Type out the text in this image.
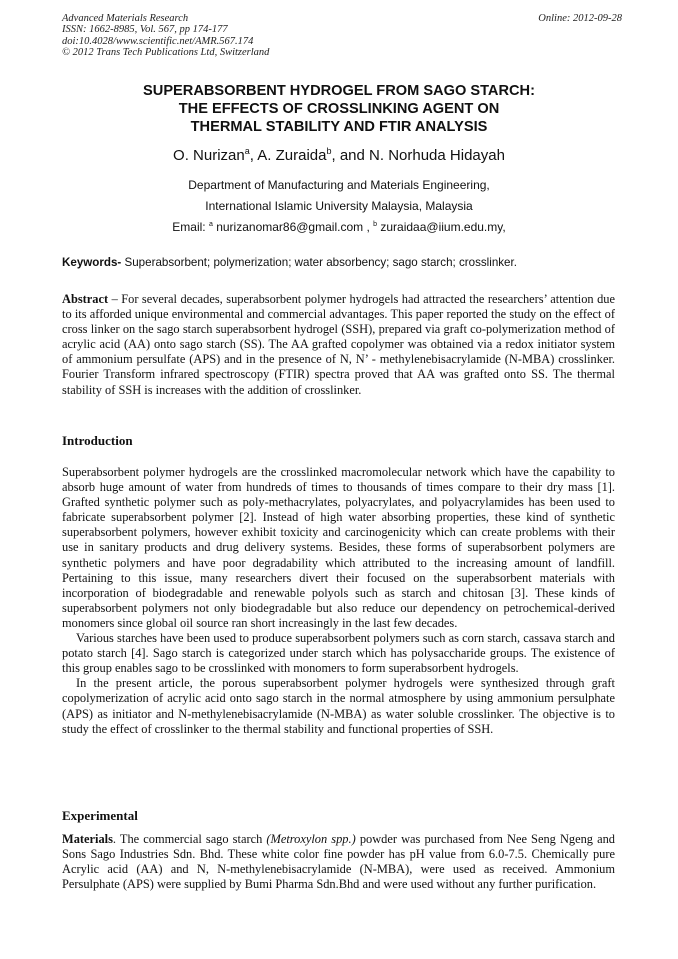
Advanced Materials Research
ISSN: 1662-8985, Vol. 567, pp 174-177
doi:10.4028/www.scientific.net/AMR.567.174
© 2012 Trans Tech Publications Ltd, Switzerland
Online: 2012-09-28
SUPERABSORBENT HYDROGEL FROM SAGO STARCH:
THE EFFECTS OF CROSSLINKING AGENT ON
THERMAL STABILITY AND FTIR ANALYSIS
O. Nurizan$^a$, A. Zuraida$^b$, and N. Norhuda Hidayah
Department of Manufacturing and Materials Engineering,
International Islamic University Malaysia, Malaysia
Email: $^a$ nurizanomar86@gmail.com , $^b$ zuraidaa@iium.edu.my,
Keywords- Superabsorbent; polymerization; water absorbency; sago starch; crosslinker.
Abstract – For several decades, superabsorbent polymer hydrogels had attracted the researchers’ attention due to its afforded unique environmental and commercial advantages. This paper reported the study on the effect of cross linker on the sago starch superabsorbent hydrogel (SSH), prepared via graft co-polymerization method of acrylic acid (AA) onto sago starch (SS). The AA grafted copolymer was obtained via a redox initiator system of ammonium persulfate (APS) and in the presence of N, N’ - methylenebisacrylamide (N-MBA) crosslinker. Fourier Transform infrared spectroscopy (FTIR) spectra proved that AA was grafted onto SS. The thermal stability of SSH is increases with the addition of crosslinker.
Introduction
Superabsorbent polymer hydrogels are the crosslinked macromolecular network which have the capability to absorb huge amount of water from hundreds of times to thousands of times compare to their dry mass [1]. Grafted synthetic polymer such as poly-methacrylates, polyacrylates, and polyacrylamides has been used to fabricate superabsorbent polymer [2]. Instead of high water absorbing properties, these kind of synthetic superabsorbent polymers, however exhibit toxicity and carcinogenicity which can create problems with their use in sanitary products and drug delivery systems. Besides, these forms of superabsorbent polymers are synthetic polymers and have poor degradability which attributed to the increasing amount of landfill. Pertaining to this issue, many researchers divert their focused on the superabsorbent materials with incorporation of biodegradable and renewable polyols such as starch and chitosan [3]. These kinds of superabsorbent polymers not only biodegradable but also reduce our dependency on petrochemical-derived monomers since global oil source ran short increasingly in the last few decades.
Various starches have been used to produce superabsorbent polymers such as corn starch, cassava starch and potato starch [4]. Sago starch is categorized under starch which has polysaccharide groups. The existence of this group enables sago to be crosslinked with monomers to form superabsorbent hydrogels.
In the present article, the porous superabsorbent polymer hydrogels were synthesized through graft copolymerization of acrylic acid onto sago starch in the normal atmosphere by using ammonium persulphate (APS) as initiator and N-methylenebisacrylamide (N-MBA) as water soluble crosslinker. The objective is to study the effect of crosslinker to the thermal stability and functional properties of SSH.
Experimental
Materials. The commercial sago starch (Metroxylon spp.) powder was purchased from Nee Seng Ngeng and Sons Sago Industries Sdn. Bhd. These white color fine powder has pH value from 6.0-7.5. Chemically pure Acrylic acid (AA) and N, N-methylenebisacrylamide (N-MBA), were used as received. Ammonium Persulphate (APS) were supplied by Bumi Pharma Sdn.Bhd and were used without any further purification.
